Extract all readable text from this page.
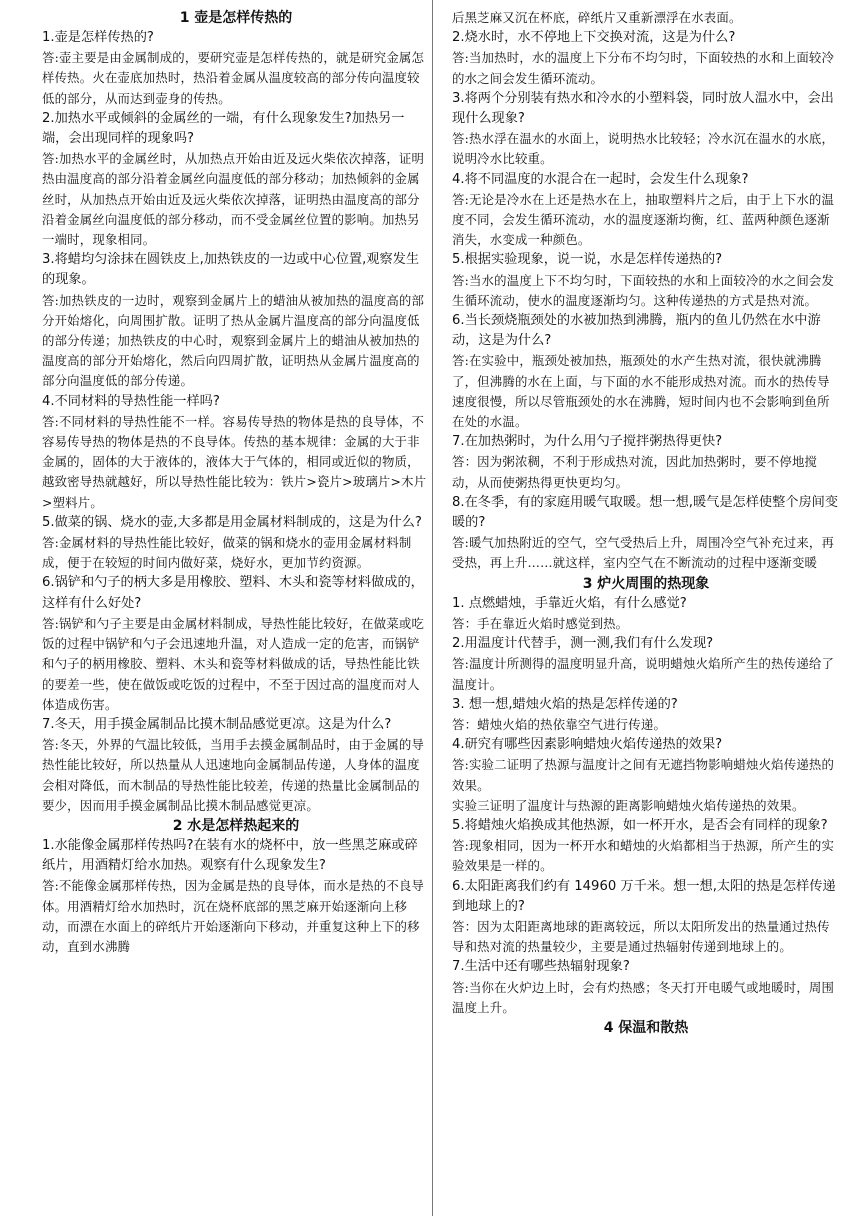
1 壶是怎样传热的

1.壶是怎样传热的?

答:壶主要是由金属制成的，要研究壶是怎样传热的，就是研究金属怎样传热。火在壶底加热时，热沿着金属从温度较高的部分传向温度较低的部分，从而达到壶身的传热。

2.加热水平或倾斜的金属丝的一端，有什么现象发生?加热另一端，会出现同样的现象吗?

答:加热水平的金属丝时，从加热点开始由近及远火柴依次掉落，证明热由温度高的部分沿着金属丝向温度低的部分移动；加热倾斜的金属丝时，从加热点开始由近及远火柴依次掉落，证明热由温度高的部分沿着金属丝向温度低的部分移动，而不受金属丝位置的影响。加热另一端时，现象相同。

3.将蜡均匀涂抹在圆铁皮上,加热铁皮的一边或中心位置,观察发生的现象。

答:加热铁皮的一边时，观察到金属片上的蜡油从被加热的温度高的部分开始熔化，向周围扩散。证明了热从金属片温度高的部分向温度低的部分传递；加热铁皮的中心时，观察到金属片上的蜡油从被加热的温度高的部分开始熔化，然后向四周扩散，证明热从金属片温度高的部分向温度低的部分传递。

4.不同材料的导热性能一样吗?

答:不同材料的导热性能不一样。容易传导热的物体是热的良导体，不容易传导热的物体是热的不良导体。传热的基本规律：金属的大于非金属的，固体的大于液体的，液体大于气体的，相同或近似的物质，越致密导热就越好，所以导热性能比较为：铁片>瓷片>玻璃片>木片>塑料片。

5.做菜的锅、烧水的壶,大多都是用金属材料制成的，这是为什么?

答:金属材料的导热性能比较好，做菜的锅和烧水的壶用金属材料制成，便于在较短的时间内做好菜，烧好水，更加节约资源。

6.锅铲和勺子的柄大多是用橡胶、塑料、木头和瓷等材料做成的，这样有什么好处?

答:锅铲和勺子主要是由金属材料制成，导热性能比较好，在做菜或吃饭的过程中锅铲和勺子会迅速地升温，对人造成一定的危害，而锅铲和勺子的柄用橡胶、塑料、木头和瓷等材料做成的话，导热性能比铁的要差一些，使在做饭或吃饭的过程中，不至于因过高的温度而对人体造成伤害。

7.冬天，用手摸金属制品比摸木制品感觉更凉。这是为什么?

答:冬天，外界的气温比较低，当用手去摸金属制品时，由于金属的导热性能比较好，所以热量从人迅速地向金属制品传递，人身体的温度会相对降低，而木制品的导热性能比较差，传递的热量比金属制品的要少，因而用手摸金属制品比摸木制品感觉更凉。

2 水是怎样热起来的

1.水能像金属那样传热吗?在装有水的烧杯中，放一些黑芝麻或碎纸片，用酒精灯给水加热。观察有什么现象发生?

答:不能像金属那样传热，因为金属是热的良导体，而水是热的不良导体。用酒精灯给水加热时，沉在烧杯底部的黑芝麻开始逐渐向上移动，而漂在水面上的碎纸片开始逐渐向下移动，并重复这种上下的移动，直到水沸腾

后黑芝麻又沉在杯底，碎纸片又重新漂浮在水表面。

2.烧水时，水不停地上下交换对流，这是为什么?

答:当加热时，水的温度上下分布不均匀时，下面较热的水和上面较冷的水之间会发生循环流动。

3.将两个分别装有热水和冷水的小塑料袋，同时放人温水中，会出现什么现象?

答:热水浮在温水的水面上，说明热水比较轻；冷水沉在温水的水底，说明冷水比较重。

4.将不同温度的水混合在一起时，会发生什么现象?

答:无论是冷水在上还是热水在上，抽取塑料片之后，由于上下水的温度不同，会发生循环流动，水的温度逐渐均衡，红、蓝两种颜色逐渐消失，水变成一种颜色。

5.根据实验现象，说一说，水是怎样传递热的?

答:当水的温度上下不均匀时，下面较热的水和上面较冷的水之间会发生循环流动，使水的温度逐渐均匀。这种传递热的方式是热对流。

6.当长颈烧瓶颈处的水被加热到沸腾，瓶内的鱼儿仍然在水中游动，这是为什么?

答:在实验中，瓶颈处被加热，瓶颈处的水产生热对流，很快就沸腾了，但沸腾的水在上面，与下面的水不能形成热对流。而水的热传导速度很慢，所以尽管瓶颈处的水在沸腾，短时间内也不会影响到鱼所在处的水温。

7.在加热粥时，为什么用勺子搅拌粥热得更快?

答：因为粥浓稠，不利于形成热对流，因此加热粥时，要不停地搅动，从而使粥热得更快更均匀。

8.在冬季，有的家庭用暖气取暖。想一想,暖气是怎样使整个房间变暖的?

答:暖气加热附近的空气，空气受热后上升，周围冷空气补充过来，再受热，再上升……就这样，室内空气在不断流动的过程中逐渐变暖

3 炉火周围的热现象

1. 点燃蜡烛，手靠近火焰，有什么感觉?

答：手在靠近火焰时感觉到热。

2.用温度计代替手，测一测,我们有什么发现?

答:温度计所测得的温度明显升高，说明蜡烛火焰所产生的热传递给了温度计。

3. 想一想,蜡烛火焰的热是怎样传递的?

答：蜡烛火焰的热依靠空气进行传递。

4.研究有哪些因素影响蜡烛火焰传递热的效果?

答:实验二证明了热源与温度计之间有无遮挡物影响蜡烛火焰传递热的效果。

实验三证明了温度计与热源的距离影响蜡烛火焰传递热的效果。

5.将蜡烛火焰换成其他热源，如一杯开水，是否会有同样的现象?

答:现象相同，因为一杯开水和蜡烛的火焰都相当于热源，所产生的实验效果是一样的。

6.太阳距离我们约有 14960 万千米。想一想,太阳的热是怎样传递到地球上的?

答：因为太阳距离地球的距离较远，所以太阳所发出的热量通过热传导和热对流的热量较少，主要是通过热辐射传递到地球上的。

7.生活中还有哪些热辐射现象?

答:当你在火炉边上时，会有灼热感；冬天打开电暖气或地暖时，周围温度上升。

4 保温和散热
